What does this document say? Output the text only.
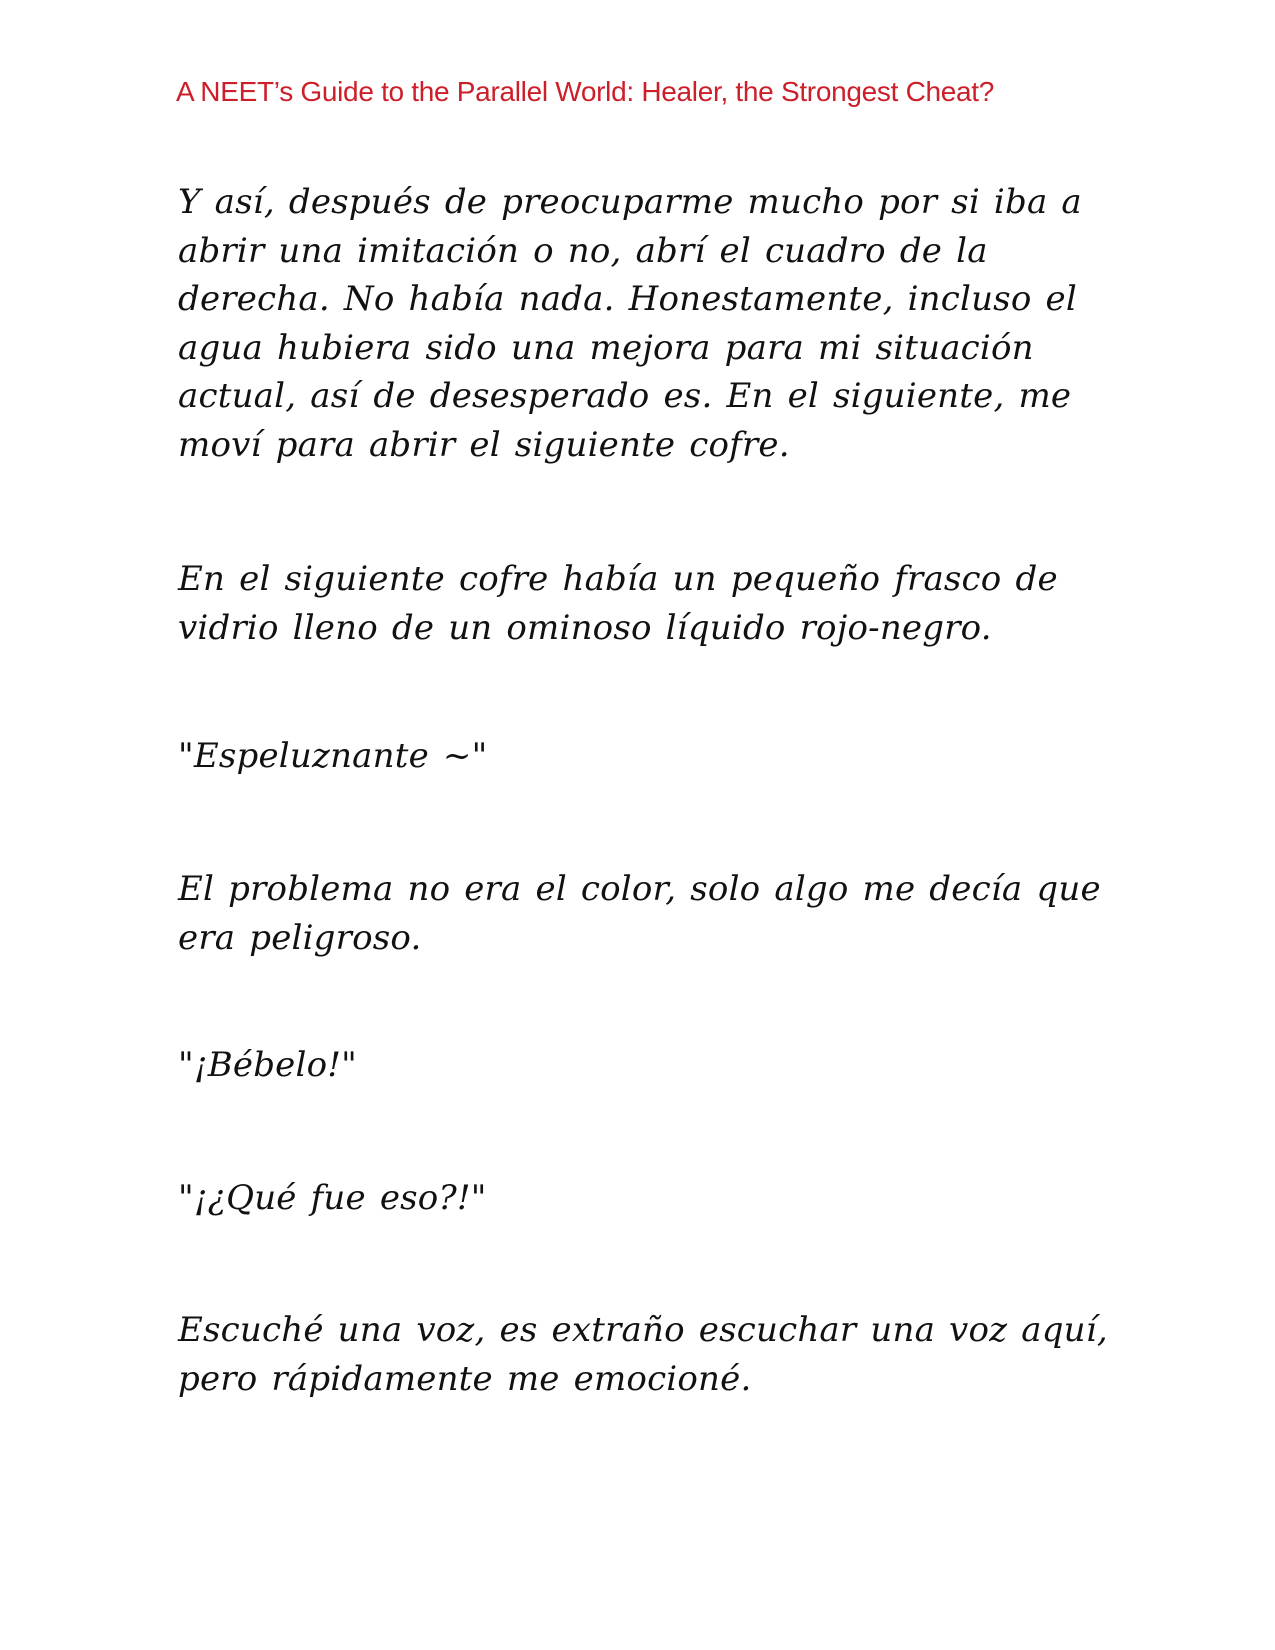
A NEET’s Guide to the Parallel World: Healer, the Strongest Cheat?

Y así, después de preocuparme mucho por si iba a abrir una imitación o no, abrí el cuadro de la derecha. No había nada. Honestamente, incluso el agua hubiera sido una mejora para mi situación actual, así de desesperado es. En el siguiente, me moví para abrir el siguiente cofre.

En el siguiente cofre había un pequeño frasco de vidrio lleno de un ominoso líquido rojo-negro.

"Espeluznante ~"

El problema no era el color, solo algo me decía que era peligroso.

"¡Bébelo!"

"¡¿Qué fue eso?!"

Escuché una voz, es extraño escuchar una voz aquí, pero rápidamente me emocioné.
